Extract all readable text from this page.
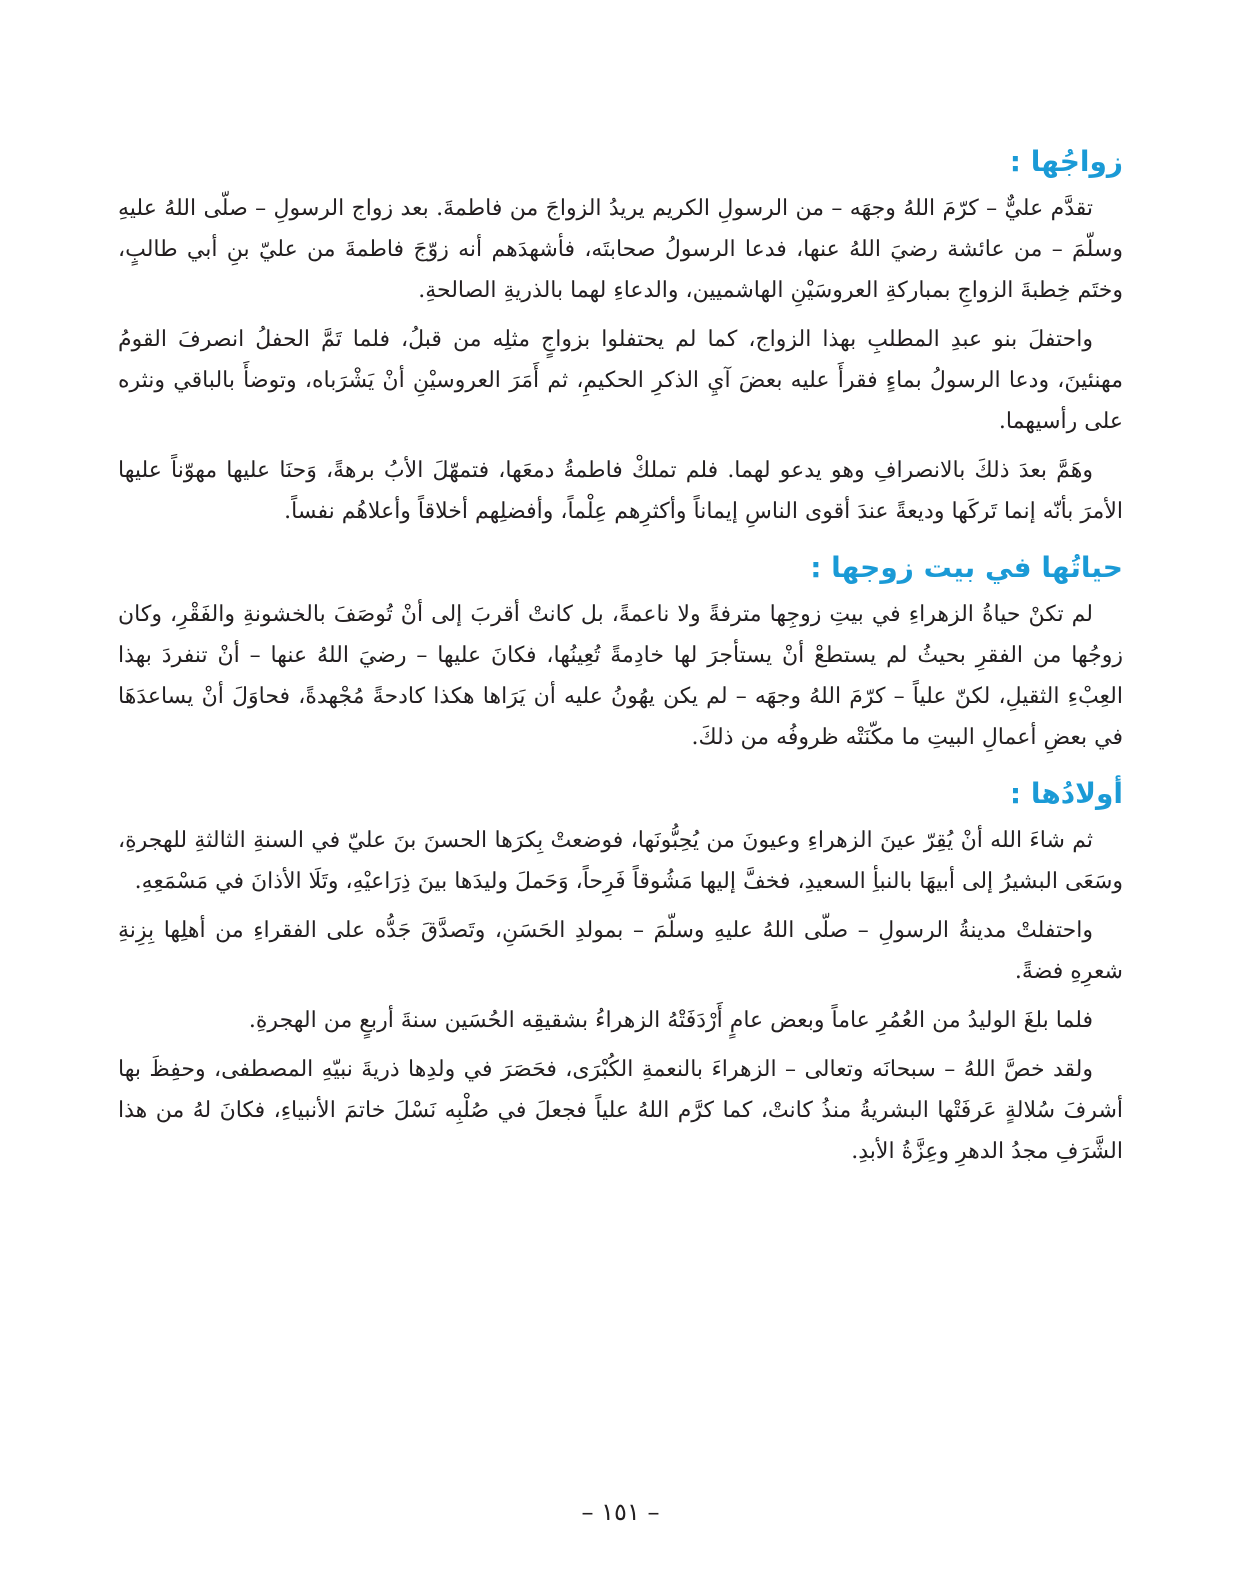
زواجُها :

تقدَّم عليٌّ – كرّمَ اللهُ وجهَه – من الرسولِ الكريم يريدُ الزواجَ من فاطمةَ. بعد زواج الرسولِ – صلّى اللهُ عليهِ وسلّمَ – من عائشة رضيَ اللهُ عنها، فدعا الرسولُ صحابتَه، فأشهدَهم أنه زوّجَ فاطمةَ من عليّ بنِ أبي طالبٍ، وختَم خِطبةَ الزواجِ بمباركةِ العروسَيْنِ الهاشميين، والدعاءِ لهما بالذريةِ الصالحةِ.

واحتفلَ بنو عبدِ المطلبِ بهذا الزواج، كما لم يحتفلوا بزواجٍ مثلِه من قبلُ، فلما تَمَّ الحفلُ انصرفَ القومُ مهنئينَ، ودعا الرسولُ بماءٍ فقرأَ عليه بعضَ آيِ الذكرِ الحكيمِ، ثم أَمَرَ العروسيْنِ أنْ يَشْرَباه، وتوضأَ بالباقي ونثره على رأسيهما.

وهَمَّ بعدَ ذلكَ بالانصرافِ وهو يدعو لهما. فلم تملكْ فاطمةُ دمعَها، فتمهّلَ الأبُ برهةً، وَحنَا عليها مهوّناً عليها الأمرَ بأنّه إنما تَركَها وديعةً عندَ أقوى الناسِ إيماناً وأكثرِهم عِلْماً، وأفضلِهم أخلاقاً وأعلاهُم نفساً.

حياتُها في بيت زوجها :

لم تكنْ حياةُ الزهراءِ في بيتِ زوجِها مترفةً ولا ناعمةً، بل كانتْ أقربَ إلى أنْ تُوصَفَ بالخشونةِ والفَقْرِ، وكان زوجُها من الفقرِ بحيثُ لم يستطعْ أنْ يستأجرَ لها خادِمةً تُعِينُها، فكانَ عليها – رضيَ اللهُ عنها – أنْ تنفردَ بهذا العِبْءِ الثقيلِ، لكنّ علياً – كرّمَ اللهُ وجهَه – لم يكن يهُونُ عليه أن يَرَاها هكذا كادحةً مُجْهدةً، فحاوَلَ أنْ يساعدَهَا في بعضِ أعمالِ البيتِ ما مكّنَتْه ظروفُه من ذلكَ.

أولادُها :

ثم شاءَ الله أنْ يُقِرّ عينَ الزهراءِ وعيونَ من يُحِبُّونَها، فوضعتْ بِكرَها الحسنَ بنَ عليّ في السنةِ الثالثةِ للهجرةِ، وسَعَى البشيرُ إلى أبيهَا بالنبأِ السعيدِ، فخفَّ إليها مَشُوقاً فَرِحاً، وَحَملَ وليدَها بينَ ذِرَاعيْهِ، وتَلَا الأذانَ في مَسْمَعِهِ.

واحتفلتْ مدينةُ الرسولِ – صلّى اللهُ عليهِ وسلّمَ – بمولدِ الحَسَنِ، وتَصدَّقَ جَدُّه على الفقراءِ من أهلِها بِزِنةِ شعرِهِ فضةً.

فلما بلغَ الوليدُ من العُمُرِ عاماً وبعض عامٍ أَرْدَفَتْهُ الزهراءُ بشقيقِه الحُسَين سنةَ أربعٍ من الهجرةِ.

ولقد خصَّ اللهُ – سبحانَه وتعالى – الزهراءَ بالنعمةِ الكُبْرَى، فحَصَرَ في ولدِها ذريةَ نبيّهِ المصطفى، وحفِظَ بها أشرفَ سُلالةٍ عَرفَتْها البشريةُ منذُ كانتْ، كما كرَّم اللهُ علياً فجعلَ في صُلْبِه نَسْلَ خاتمَ الأنبياءِ، فكانَ لهُ من هذا الشَّرَفِ مجدُ الدهرِ وعِزَّةُ الأبدِ.

– ١٥١ –
